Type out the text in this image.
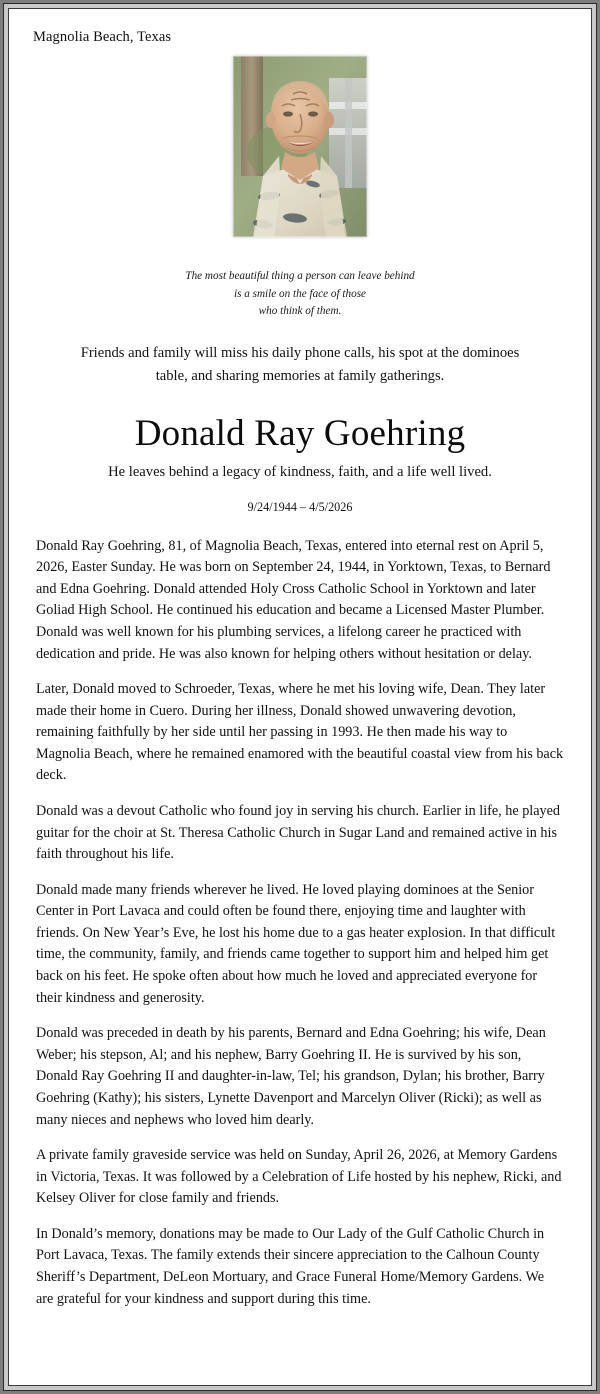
Magnolia Beach, Texas
The most beautiful thing a person can leave behind
is a smile on the face of those
who think of them.
Friends and family will miss his daily phone calls, his spot at the dominoes table, and sharing memories at family gatherings.
Donald Ray Goehring
He leaves behind a legacy of kindness, faith, and a life well lived.
9/24/1944 – 4/5/2026

Donald Ray Goehring, 81, of Magnolia Beach, Texas, entered into eternal rest on April 5, 2026, Easter Sunday. He was born on September 24, 1944, in Yorktown, Texas, to Bernard and Edna Goehring. Donald attended Holy Cross Catholic School in Yorktown and later Goliad High School. He continued his education and became a Licensed Master Plumber. Donald was well known for his plumbing services, a lifelong career he practiced with dedication and pride. He was also known for helping others without hesitation or delay.

Later, Donald moved to Schroeder, Texas, where he met his loving wife, Dean. They later made their home in Cuero. During her illness, Donald showed unwavering devotion, remaining faithfully by her side until her passing in 1993. He then made his way to Magnolia Beach, where he remained enamored with the beautiful coastal view from his back deck.

Donald was a devout Catholic who found joy in serving his church. Earlier in life, he played guitar for the choir at St. Theresa Catholic Church in Sugar Land and remained active in his faith throughout his life.

Donald made many friends wherever he lived. He loved playing dominoes at the Senior Center in Port Lavaca and could often be found there, enjoying time and laughter with friends. On New Year’s Eve, he lost his home due to a gas heater explosion. In that difficult time, the community, family, and friends came together to support him and helped him get back on his feet. He spoke often about how much he loved and appreciated everyone for their kindness and generosity.

Donald was preceded in death by his parents, Bernard and Edna Goehring; his wife, Dean Weber; his stepson, Al; and his nephew, Barry Goehring II. He is survived by his son, Donald Ray Goehring II and daughter-in-law, Tel; his grandson, Dylan; his brother, Barry Goehring (Kathy); his sisters, Lynette Davenport and Marcelyn Oliver (Ricki); as well as many nieces and nephews who loved him dearly.

A private family graveside service was held on Sunday, April 26, 2026, at Memory Gardens in Victoria, Texas. It was followed by a Celebration of Life hosted by his nephew, Ricki, and Kelsey Oliver for close family and friends.

In Donald’s memory, donations may be made to Our Lady of the Gulf Catholic Church in Port Lavaca, Texas. The family extends their sincere appreciation to the Calhoun County Sheriff’s Department, DeLeon Mortuary, and Grace Funeral Home/Memory Gardens. We are grateful for your kindness and support during this time.
